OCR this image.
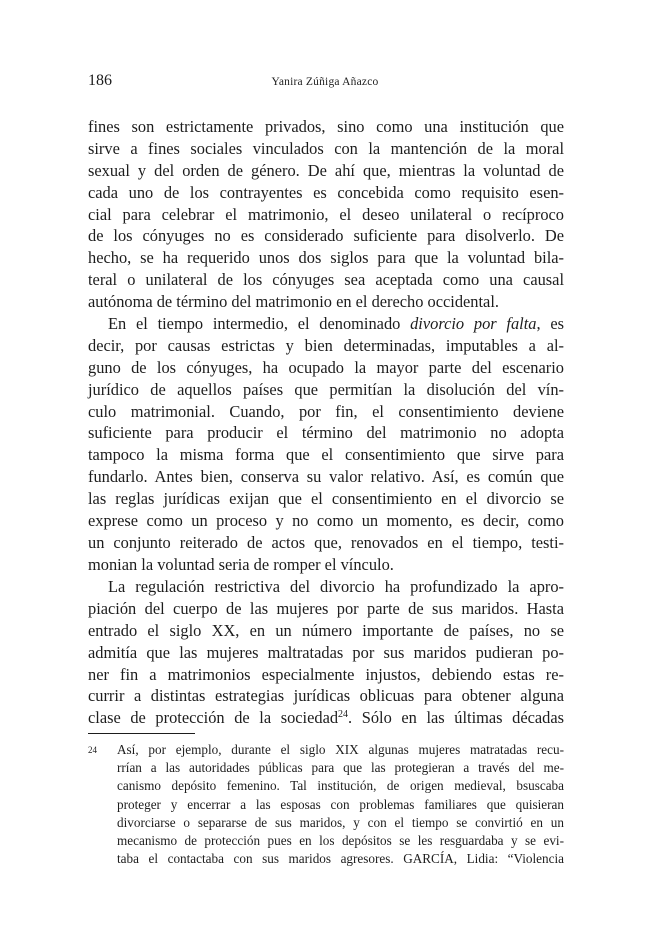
186	Yanira Zúñiga Añazco
fines son estrictamente privados, sino como una institución que
sirve a fines sociales vinculados con la mantención de la moral
sexual y del orden de género. De ahí que, mientras la voluntad de
cada uno de los contrayentes es concebida como requisito esen-
cial para celebrar el matrimonio, el deseo unilateral o recíproco
de los cónyuges no es considerado suficiente para disolverlo. De
hecho, se ha requerido unos dos siglos para que la voluntad bila-
teral o unilateral de los cónyuges sea aceptada como una causal
autónoma de término del matrimonio en el derecho occidental.
En el tiempo intermedio, el denominado divorcio por falta, es
decir, por causas estrictas y bien determinadas, imputables a al-
guno de los cónyuges, ha ocupado la mayor parte del escenario
jurídico de aquellos países que permitían la disolución del vín-
culo matrimonial. Cuando, por fin, el consentimiento deviene
suficiente para producir el término del matrimonio no adopta
tampoco la misma forma que el consentimiento que sirve para
fundarlo. Antes bien, conserva su valor relativo. Así, es común que
las reglas jurídicas exijan que el consentimiento en el divorcio se
exprese como un proceso y no como un momento, es decir, como
un conjunto reiterado de actos que, renovados en el tiempo, testi-
monian la voluntad seria de romper el vínculo.
La regulación restrictiva del divorcio ha profundizado la apro-
piación del cuerpo de las mujeres por parte de sus maridos. Hasta
entrado el siglo XX, en un número importante de países, no se
admitía que las mujeres maltratadas por sus maridos pudieran po-
ner fin a matrimonios especialmente injustos, debiendo estas re-
currir a distintas estrategias jurídicas oblicuas para obtener alguna
clase de protección de la sociedad$^{24}$. Sólo en las últimas décadas
24 Así, por ejemplo, durante el siglo XIX algunas mujeres matratadas recu-
rrían a las autoridades públicas para que las protegieran a través del me-
canismo depósito femenino. Tal institución, de origen medieval, bsuscaba
proteger y encerrar a las esposas con problemas familiares que quisieran
divorciarse o separarse de sus maridos, y con el tiempo se convirtió en un
mecanismo de protección pues en los depósitos se les resguardaba y se evi-
taba el contactaba con sus maridos agresores. GARCÍA, Lidia: “Violencia
